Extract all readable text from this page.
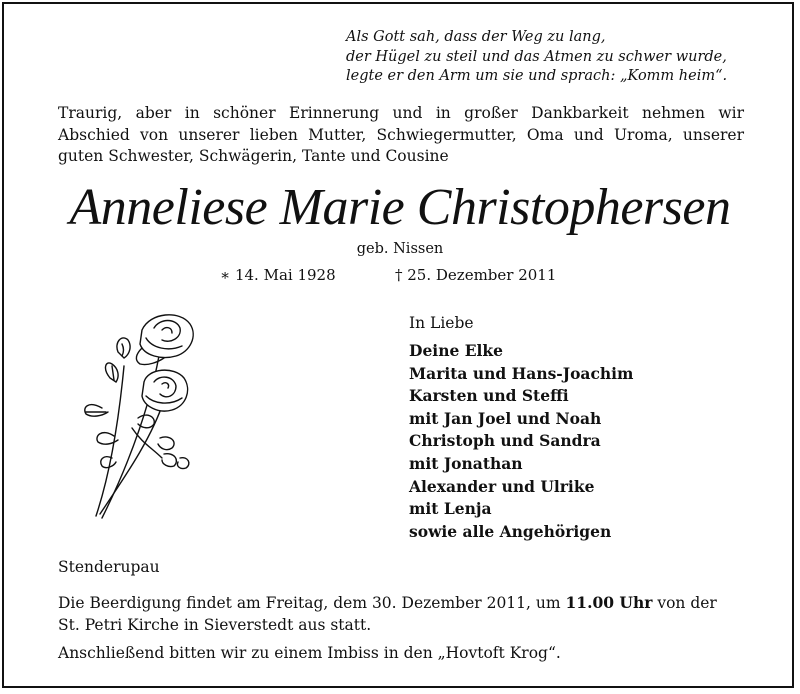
Als Gott sah, dass der Weg zu lang,
der Hügel zu steil und das Atmen zu schwer wurde,
legte er den Arm um sie und sprach: „Komm heim“.
Traurig, aber in schöner Erinnerung und in großer Dankbarkeit nehmen wir
Abschied von unserer lieben Mutter, Schwiegermutter, Oma und Uroma, unserer
guten Schwester, Schwägerin, Tante und Cousine
Anneliese Marie Christophersen
geb. Nissen
∗ 14. Mai 1928	† 25. Dezember 2011
In Liebe
Deine Elke
Marita und Hans-Joachim
Karsten und Steffi
mit Jan Joel und Noah
Christoph und Sandra
mit Jonathan
Alexander und Ulrike
mit Lenja
sowie alle Angehörigen
Stenderupau
Die Beerdigung findet am Freitag, dem 30. Dezember 2011, um 11.00 Uhr von der
St. Petri Kirche in Sieverstedt aus statt.
Anschließend bitten wir zu einem Imbiss in den „Hovtoft Krog“.
